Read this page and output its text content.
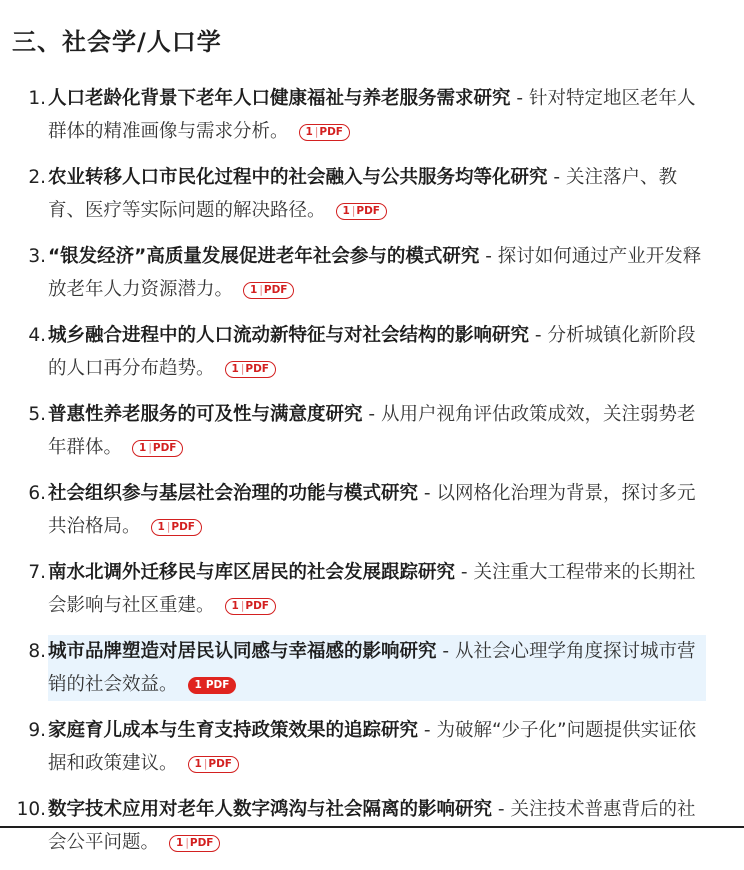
三、社会学/人口学
1. 人口老龄化背景下老年人口健康福祉与养老服务需求研究 - 针对特定地区老年人群体的精准画像与需求分析。 1 | PDF
2. 农业转移人口市民化过程中的社会融入与公共服务均等化研究 - 关注落户、教育、医疗等实际问题的解决路径。 1 | PDF
3. “银发经济”高质量发展促进老年社会参与的模式研究 - 探讨如何通过产业开发释放老年人力资源潜力。 1 | PDF
4. 城乡融合进程中的人口流动新特征与对社会结构的影响研究 - 分析城镇化新阶段的人口再分布趋势。 1 | PDF
5. 普惠性养老服务的可及性与满意度研究 - 从用户视角评估政策成效，关注弱势老年群体。 1 | PDF
6. 社会组织参与基层社会治理的功能与模式研究 - 以网格化治理为背景，探讨多元共治格局。 1 | PDF
7. 南水北调外迁移民与库区居民的社会发展跟踪研究 - 关注重大工程带来的长期社会影响与社区重建。 1 | PDF
8. 城市品牌塑造对居民认同感与幸福感的影响研究 - 从社会心理学角度探讨城市营销的社会效益。 1 PDF
9. 家庭育儿成本与生育支持政策效果的追踪研究 - 为破解“少子化”问题提供实证依据和政策建议。 1 | PDF
10. 数字技术应用对老年人数字鸿沟与社会隔离的影响研究 - 关注技术普惠背后的社会公平问题。 1 | PDF
